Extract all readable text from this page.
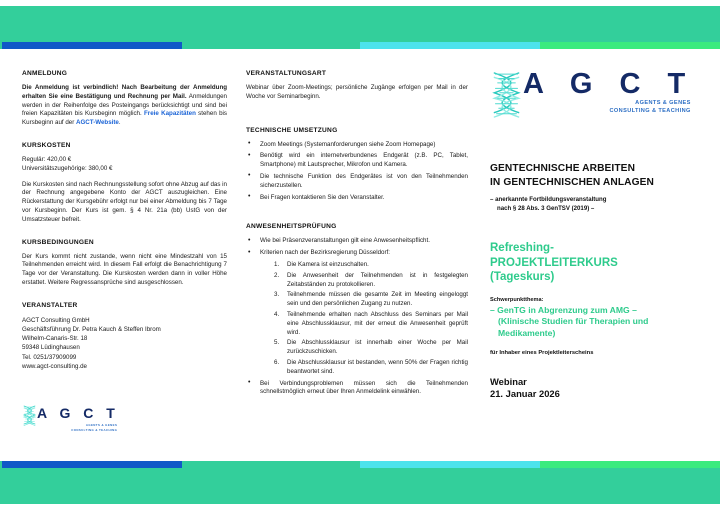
ANMELDUNG

Die Anmeldung ist verbindlich! Nach Bearbeitung der Anmeldung erhalten Sie eine Bestätigung und Rechnung per Mail. Anmeldungen werden in der Reihenfolge des Posteingangs berücksichtigt und sind bei freien Kapazitäten bis Kursbeginn möglich. Freie Kapazitäten stehen bis Kursbeginn auf der AGCT-Website.

KURSKOSTEN

Regulär: 420,00 €

Universitätszugehörige: 380,00 €

Die Kurskosten sind nach Rechnungsstellung sofort ohne Abzug auf das in der Rechnung angegebene Konto der AGCT auszugleichen. Eine Rückerstattung der Kursgebühr erfolgt nur bei einer Abmeldung bis 7 Tage vor Kursbeginn. Der Kurs ist gem. § 4 Nr. 21a (bb) UstG von der Umsatzsteuer befreit.

KURSBEDINGUNGEN

Der Kurs kommt nicht zustande, wenn nicht eine Mindestzahl von 15 Teilnehmenden erreicht wird. In diesem Fall erfolgt die Benachrichtigung 7 Tage vor der Veranstaltung. Die Kurskosten werden dann in voller Höhe erstattet. Weitere Regressansprüche sind ausgeschlossen.

VERANSTALTER
AGCT Consulting GmbH
Geschäftsführung Dr. Petra Kauch & Steffen Ibrom
Wilhelm-Canaris-Str. 18
59348 Lüdinghausen
Tel. 0251/37909099
www.agct-consulting.de
A G C T
AGENTS & GENES
CONSULTING & TEACHING
VERANSTALTUNGSART

Webinar über Zoom-Meetings; persönliche Zugänge erfolgen per Mail in der Woche vor Seminarbeginn.

TECHNISCHE UMSETZUNG
• Zoom Meetings (Systemanforderungen siehe Zoom Homepage)
• Benötigt wird ein internetverbundenes Endgerät (z.B. PC, Tablet, Smartphone) mit Lautsprecher, Mikrofon und Kamera.
• Die technische Funktion des Endgerätes ist von den Teilnehmenden sicherzustellen.
• Bei Fragen kontaktieren Sie den Veranstalter.
ANWESENHEITSPRÜFUNG
• Wie bei Präsenzveranstaltungen gilt eine Anwesenheitspflicht.
• Kriterien nach der Bezirksregierung Düsseldorf:
Die Kamera ist einzuschalten.
Die Anwesenheit der Teilnehmenden ist in festgelegten Zeitabständen zu protokollieren.
Teilnehmende müssen die gesamte Zeit im Meeting eingeloggt sein und den persönlichen Zugang zu nutzen.
Teilnehmende erhalten nach Abschluss des Seminars per Mail eine Abschlussklausur, mit der erneut die Anwesenheit geprüft wird.
Die Abschlussklausur ist innerhalb einer Woche per Mail zurückzuschicken.
Die Abschlussklausur ist bestanden, wenn 50% der Fragen richtig beantwortet sind.
• Bei Verbindungsproblemen müssen sich die Teilnehmenden schnellstmöglich erneut über Ihren Anmeldelink einwählen.
A G C T
AGENTS & GENES
CONSULTING & TEACHING
GENTECHNISCHE ARBEITEN
IN GENTECHNISCHEN ANLAGEN
– anerkannte Fortbildungsveranstaltung
nach § 28 Abs. 3 GenTSV (2019) –
Refreshing-
PROJEKTLEITERKURS
(Tageskurs)
Schwerpunktthema:
– GenTG in Abgrenzung zum AMG –
(Klinische Studien für Therapien und
Medikamente)
für Inhaber eines Projektleiterscheins
Webinar
21. Januar 2026
